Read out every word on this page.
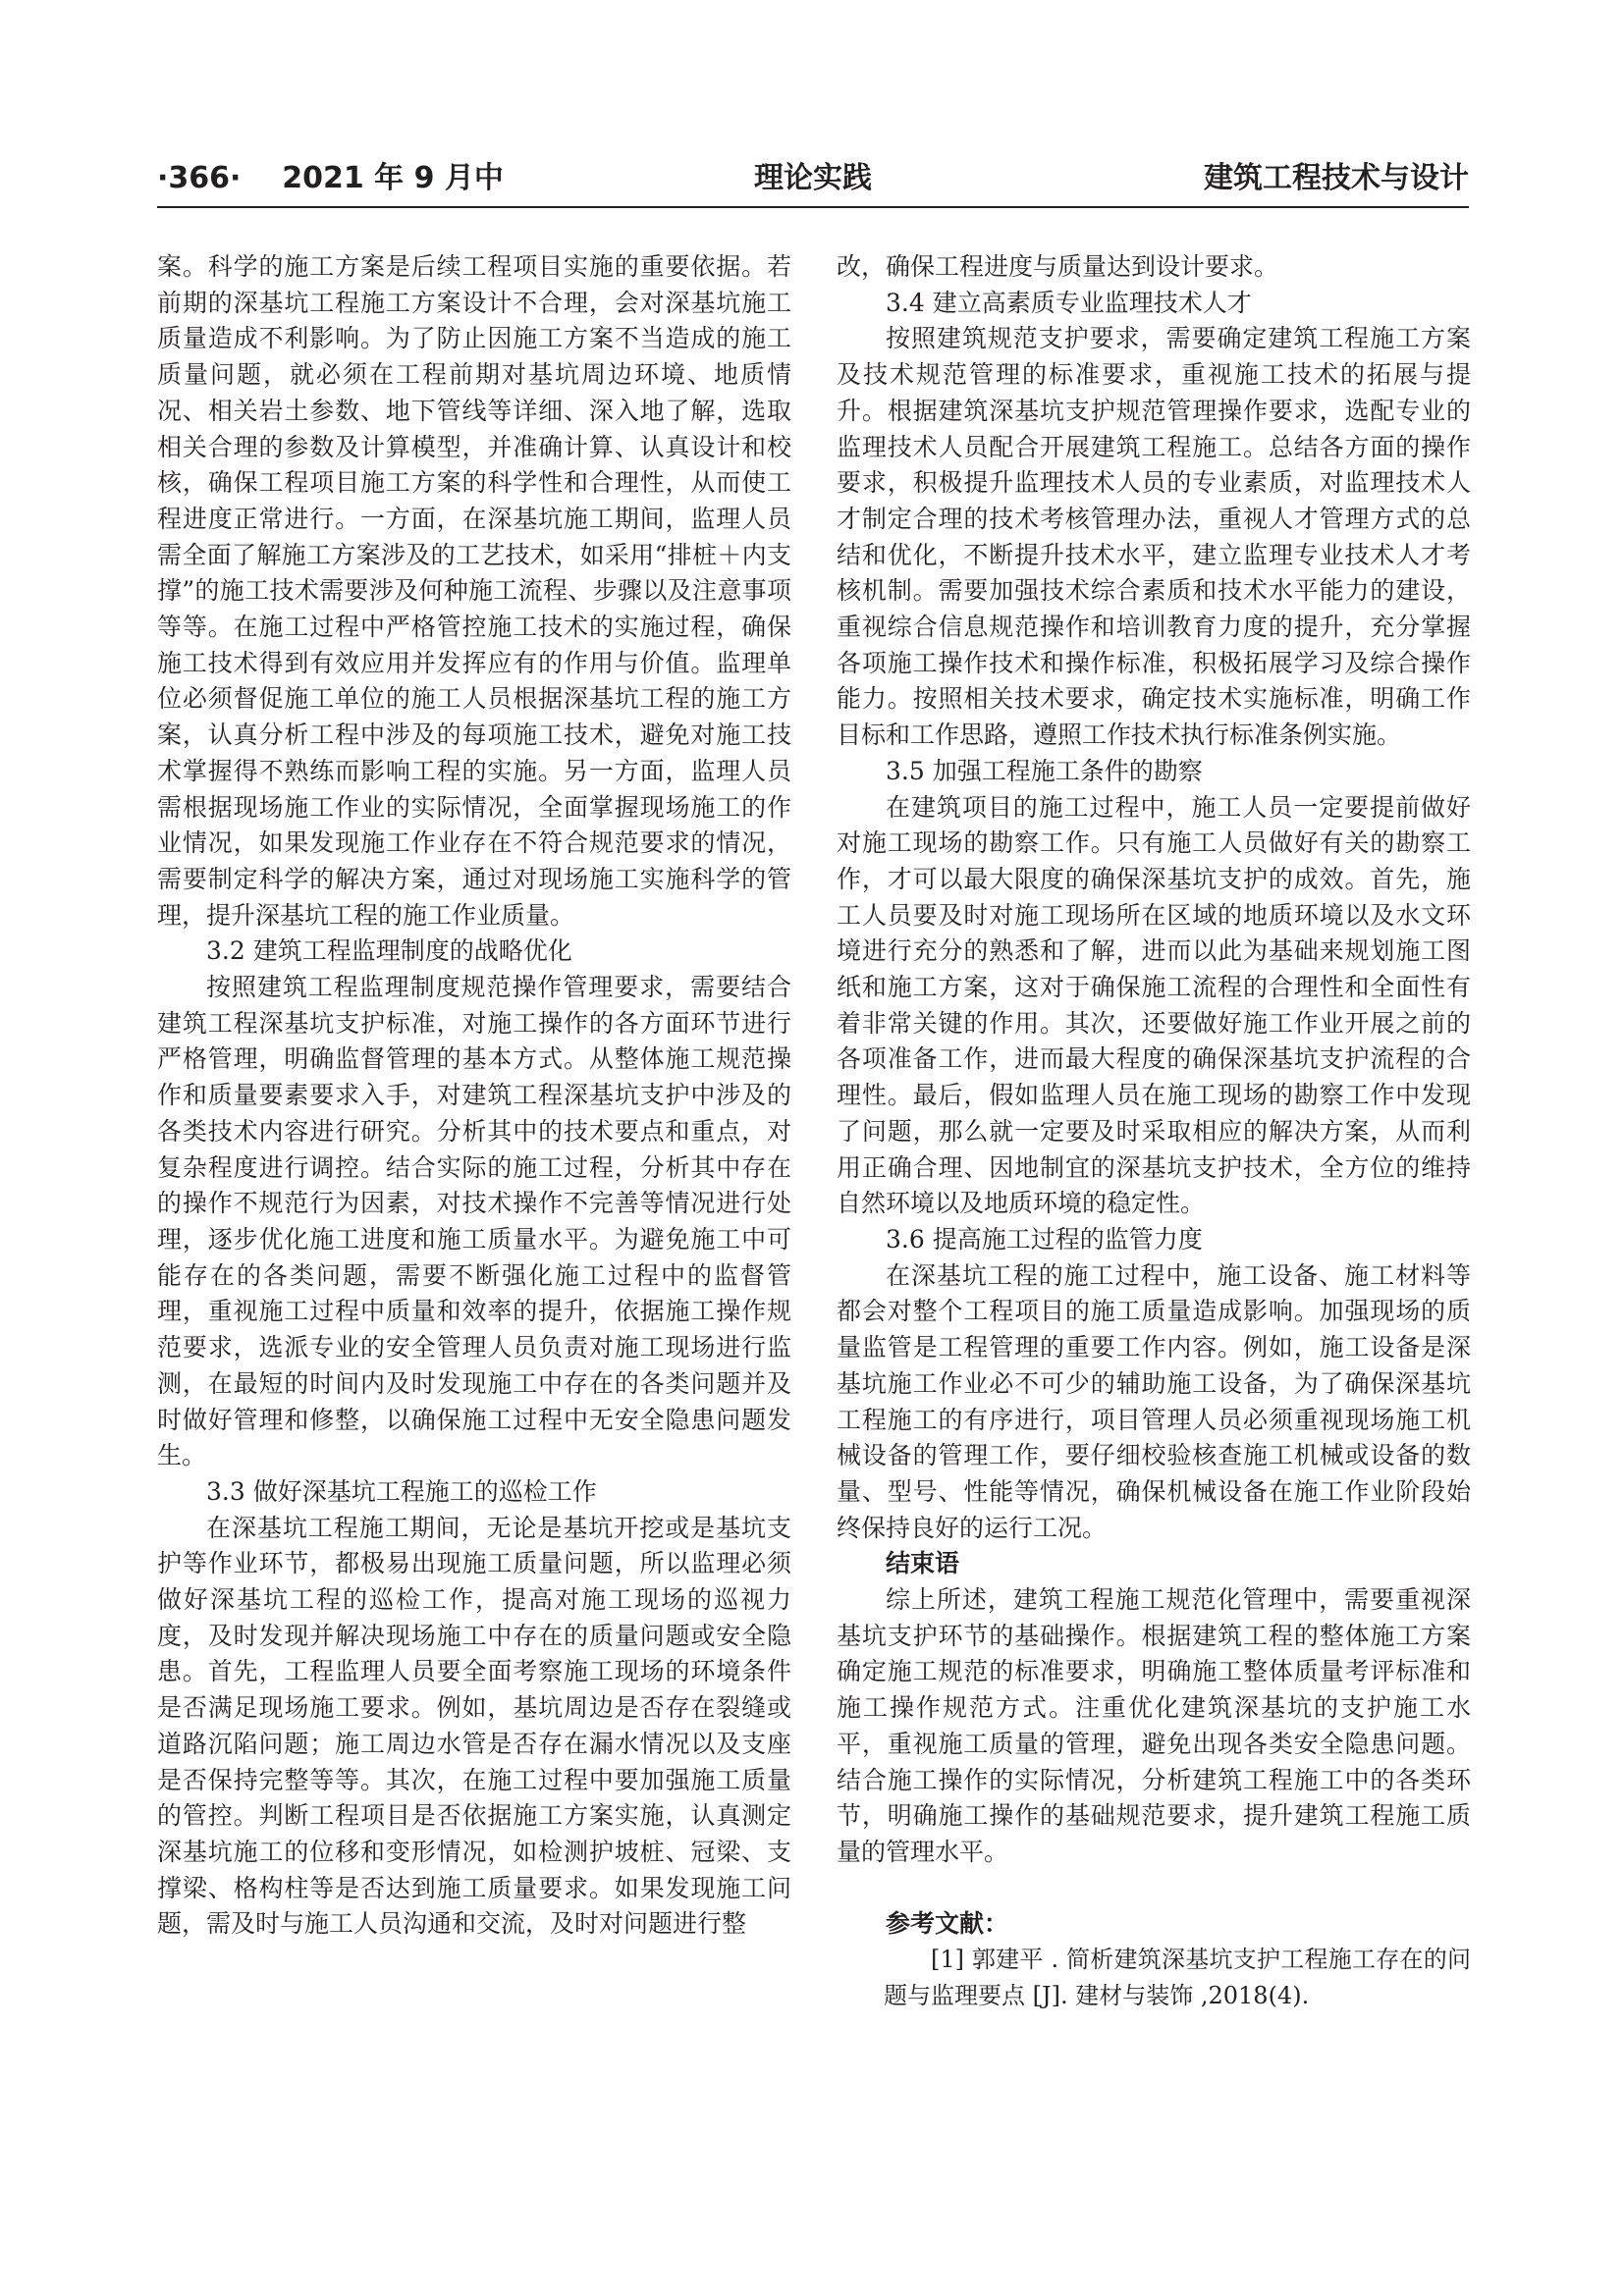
·366· 2021 年 9 月中	理论实践	建筑工程技术与设计

案。科学的施工方案是后续工程项目实施的重要依据。若前期的深基坑工程施工方案设计不合理，会对深基坑施工质量造成不利影响。为了防止因施工方案不当造成的施工质量问题，就必须在工程前期对基坑周边环境、地质情况、相关岩土参数、地下管线等详细、深入地了解，选取相关合理的参数及计算模型，并准确计算、认真设计和校核，确保工程项目施工方案的科学性和合理性，从而使工程进度正常进行。一方面，在深基坑施工期间，监理人员需全面了解施工方案涉及的工艺技术，如采用“排桩＋内支撑”的施工技术需要涉及何种施工流程、步骤以及注意事项等等。在施工过程中严格管控施工技术的实施过程，确保施工技术得到有效应用并发挥应有的作用与价值。监理单位必须督促施工单位的施工人员根据深基坑工程的施工方案，认真分析工程中涉及的每项施工技术，避免对施工技术掌握得不熟练而影响工程的实施。另一方面，监理人员需根据现场施工作业的实际情况，全面掌握现场施工的作业情况，如果发现施工作业存在不符合规范要求的情况，需要制定科学的解决方案，通过对现场施工实施科学的管理，提升深基坑工程的施工作业质量。

3.2 建筑工程监理制度的战略优化

按照建筑工程监理制度规范操作管理要求，需要结合建筑工程深基坑支护标准，对施工操作的各方面环节进行严格管理，明确监督管理的基本方式。从整体施工规范操作和质量要素要求入手，对建筑工程深基坑支护中涉及的各类技术内容进行研究。分析其中的技术要点和重点，对复杂程度进行调控。结合实际的施工过程，分析其中存在的操作不规范行为因素，对技术操作不完善等情况进行处理，逐步优化施工进度和施工质量水平。为避免施工中可能存在的各类问题，需要不断强化施工过程中的监督管理，重视施工过程中质量和效率的提升，依据施工操作规范要求，选派专业的安全管理人员负责对施工现场进行监测，在最短的时间内及时发现施工中存在的各类问题并及时做好管理和修整，以确保施工过程中无安全隐患问题发生。

3.3 做好深基坑工程施工的巡检工作

在深基坑工程施工期间，无论是基坑开挖或是基坑支护等作业环节，都极易出现施工质量问题，所以监理必须做好深基坑工程的巡检工作，提高对施工现场的巡视力度，及时发现并解决现场施工中存在的质量问题或安全隐患。首先，工程监理人员要全面考察施工现场的环境条件是否满足现场施工要求。例如，基坑周边是否存在裂缝或道路沉陷问题；施工周边水管是否存在漏水情况以及支座是否保持完整等等。其次，在施工过程中要加强施工质量的管控。判断工程项目是否依据施工方案实施，认真测定深基坑施工的位移和变形情况，如检测护坡桩、冠梁、支撑梁、格构柱等是否达到施工质量要求。如果发现施工问题，需及时与施工人员沟通和交流，及时对问题进行整

改，确保工程进度与质量达到设计要求。

3.4 建立高素质专业监理技术人才

按照建筑规范支护要求，需要确定建筑工程施工方案及技术规范管理的标准要求，重视施工技术的拓展与提升。根据建筑深基坑支护规范管理操作要求，选配专业的监理技术人员配合开展建筑工程施工。总结各方面的操作要求，积极提升监理技术人员的专业素质，对监理技术人才制定合理的技术考核管理办法，重视人才管理方式的总结和优化，不断提升技术水平，建立监理专业技术人才考核机制。需要加强技术综合素质和技术水平能力的建设，重视综合信息规范操作和培训教育力度的提升，充分掌握各项施工操作技术和操作标准，积极拓展学习及综合操作能力。按照相关技术要求，确定技术实施标准，明确工作目标和工作思路，遵照工作技术执行标准条例实施。

3.5 加强工程施工条件的勘察

在建筑项目的施工过程中，施工人员一定要提前做好对施工现场的勘察工作。只有施工人员做好有关的勘察工作，才可以最大限度的确保深基坑支护的成效。首先，施工人员要及时对施工现场所在区域的地质环境以及水文环境进行充分的熟悉和了解，进而以此为基础来规划施工图纸和施工方案，这对于确保施工流程的合理性和全面性有着非常关键的作用。其次，还要做好施工作业开展之前的各项准备工作，进而最大程度的确保深基坑支护流程的合理性。最后，假如监理人员在施工现场的勘察工作中发现了问题，那么就一定要及时采取相应的解决方案，从而利用正确合理、因地制宜的深基坑支护技术，全方位的维持自然环境以及地质环境的稳定性。

3.6 提高施工过程的监管力度

在深基坑工程的施工过程中，施工设备、施工材料等都会对整个工程项目的施工质量造成影响。加强现场的质量监管是工程管理的重要工作内容。例如，施工设备是深基坑施工作业必不可少的辅助施工设备，为了确保深基坑工程施工的有序进行，项目管理人员必须重视现场施工机械设备的管理工作，要仔细校验核查施工机械或设备的数量、型号、性能等情况，确保机械设备在施工作业阶段始终保持良好的运行工况。

结束语

综上所述，建筑工程施工规范化管理中，需要重视深基坑支护环节的基础操作。根据建筑工程的整体施工方案确定施工规范的标准要求，明确施工整体质量考评标准和施工操作规范方式。注重优化建筑深基坑的支护施工水平，重视施工质量的管理，避免出现各类安全隐患问题。结合施工操作的实际情况，分析建筑工程施工中的各类环节，明确施工操作的基础规范要求，提升建筑工程施工质量的管理水平。

参考文献：

[1] 郭建平 . 简析建筑深基坑支护工程施工存在的问题与监理要点 [J]. 建材与装饰 ,2018(4).
